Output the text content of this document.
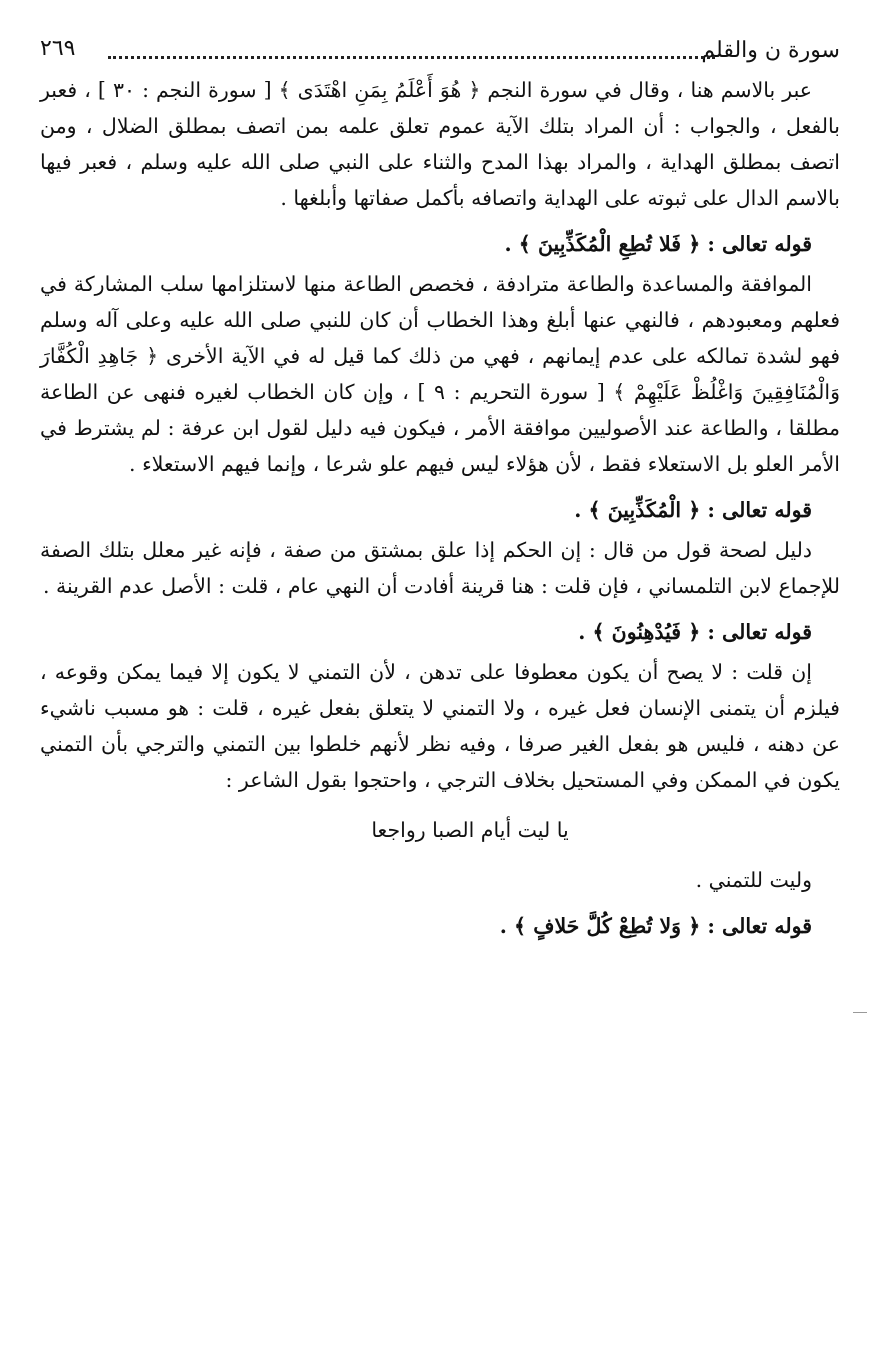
سورة ن والقلم
٢٦٩

عبر بالاسم هنا ، وقال في سورة النجم ﴿ هُوَ أَعْلَمُ بِمَنِ اهْتَدَى ﴾ [ سورة النجم : ٣٠ ] ، فعبر بالفعل ، والجواب : أن المراد بتلك الآية عموم تعلق علمه بمن اتصف بمطلق الضلال ، ومن اتصف بمطلق الهداية ، والمراد بهذا المدح والثناء على النبي صلى الله عليه وسلم ، فعبر فيها بالاسم الدال على ثبوته على الهداية واتصافه بأكمل صفاتها وأبلغها .

قوله تعالى : ﴿ فَلا تُطِعِ الْمُكَذِّبِينَ ﴾ .

الموافقة والمساعدة والطاعة مترادفة ، فخصص الطاعة منها لاستلزامها سلب المشاركة في فعلهم ومعبودهم ، فالنهي عنها أبلغ وهذا الخطاب أن كان للنبي صلى الله عليه وعلى آله وسلم فهو لشدة تمالكه على عدم إيمانهم ، فهي من ذلك كما قيل له في الآية الأخرى ﴿ جَاهِدِ الْكُفَّارَ وَالْمُنَافِقِينَ وَاغْلُظْ عَلَيْهِمْ ﴾ [ سورة التحريم : ٩ ] ، وإن كان الخطاب لغيره فنهى عن الطاعة مطلقا ، والطاعة عند الأصوليين موافقة الأمر ، فيكون فيه دليل لقول ابن عرفة : لم يشترط في الأمر العلو بل الاستعلاء فقط ، لأن هؤلاء ليس فيهم علو شرعا ، وإنما فيهم الاستعلاء .

قوله تعالى : ﴿ الْمُكَذِّبِينَ ﴾ .

دليل لصحة قول من قال : إن الحكم إذا علق بمشتق من صفة ، فإنه غير معلل بتلك الصفة للإجماع لابن التلمساني ، فإن قلت : هنا قرينة أفادت أن النهي عام ، قلت : الأصل عدم القرينة .

قوله تعالى : ﴿ فَيُدْهِنُونَ ﴾ .

إن قلت : لا يصح أن يكون معطوفا على تدهن ، لأن التمني لا يكون إلا فيما يمكن وقوعه ، فيلزم أن يتمنى الإنسان فعل غيره ، ولا التمني لا يتعلق بفعل غيره ، قلت : هو مسبب ناشيء عن دهنه ، فليس هو بفعل الغير صرفا ، وفيه نظر لأنهم خلطوا بين التمني والترجي بأن التمني يكون في الممكن وفي المستحيل بخلاف الترجي ، واحتجوا بقول الشاعر :

يا ليت أيام الصبا رواجعا

وليت للتمني .

قوله تعالى : ﴿ وَلا تُطِعْ كُلَّ حَلافٍ ﴾ .
